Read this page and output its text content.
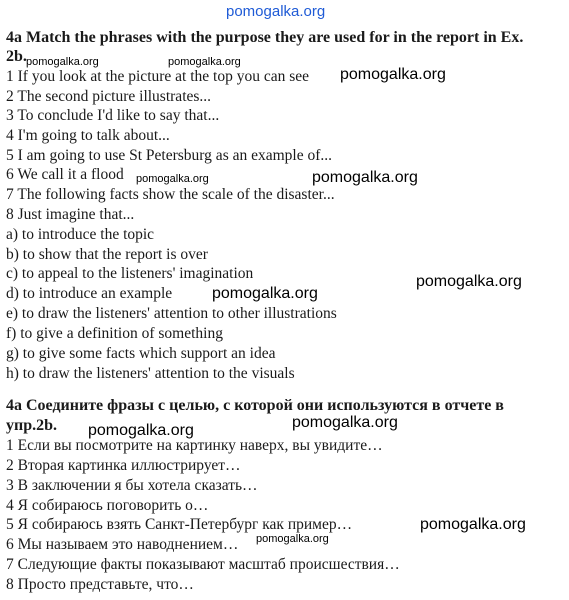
pomogalka.org
4a Match the phrases with the purpose they are used for in the report in Ex.
2b.
1 If you look at the picture at the top you can see
2 The second picture illustrates...
3 To conclude I'd like to say that...
4 I'm going to talk about...
5 I am going to use St Petersburg as an example of...
6 We call it a flood
7 The following facts show the scale of the disaster...
8 Just imagine that...
a) to introduce the topic
b) to show that the report is over
c) to appeal to the listeners' imagination
d) to introduce an example
e) to draw the listeners' attention to other illustrations
f) to give a definition of something
g) to give some facts which support an idea
h) to draw the listeners' attention to the visuals
4a Соедините фразы с целью, с которой они используются в отчете в
упр.2b.
1 Если вы посмотрите на картинку наверх, вы увидите…
2 Вторая картинка иллюстрирует…
3 В заключении я бы хотела сказать…
4 Я собираюсь поговорить о…
5 Я собираюсь взять Санкт-Петербург как пример…
6 Мы называем это наводнением…
7 Следующие факты показывают масштаб происшествия…
8 Просто представьте, что…
pomogalka.org	pomogalka.org
pomogalka.org
pomogalka.org	pomogalka.org
pomogalka.org
pomogalka.org
pomogalka.org
pomogalka.org
pomogalka.org
pomogalka.org
